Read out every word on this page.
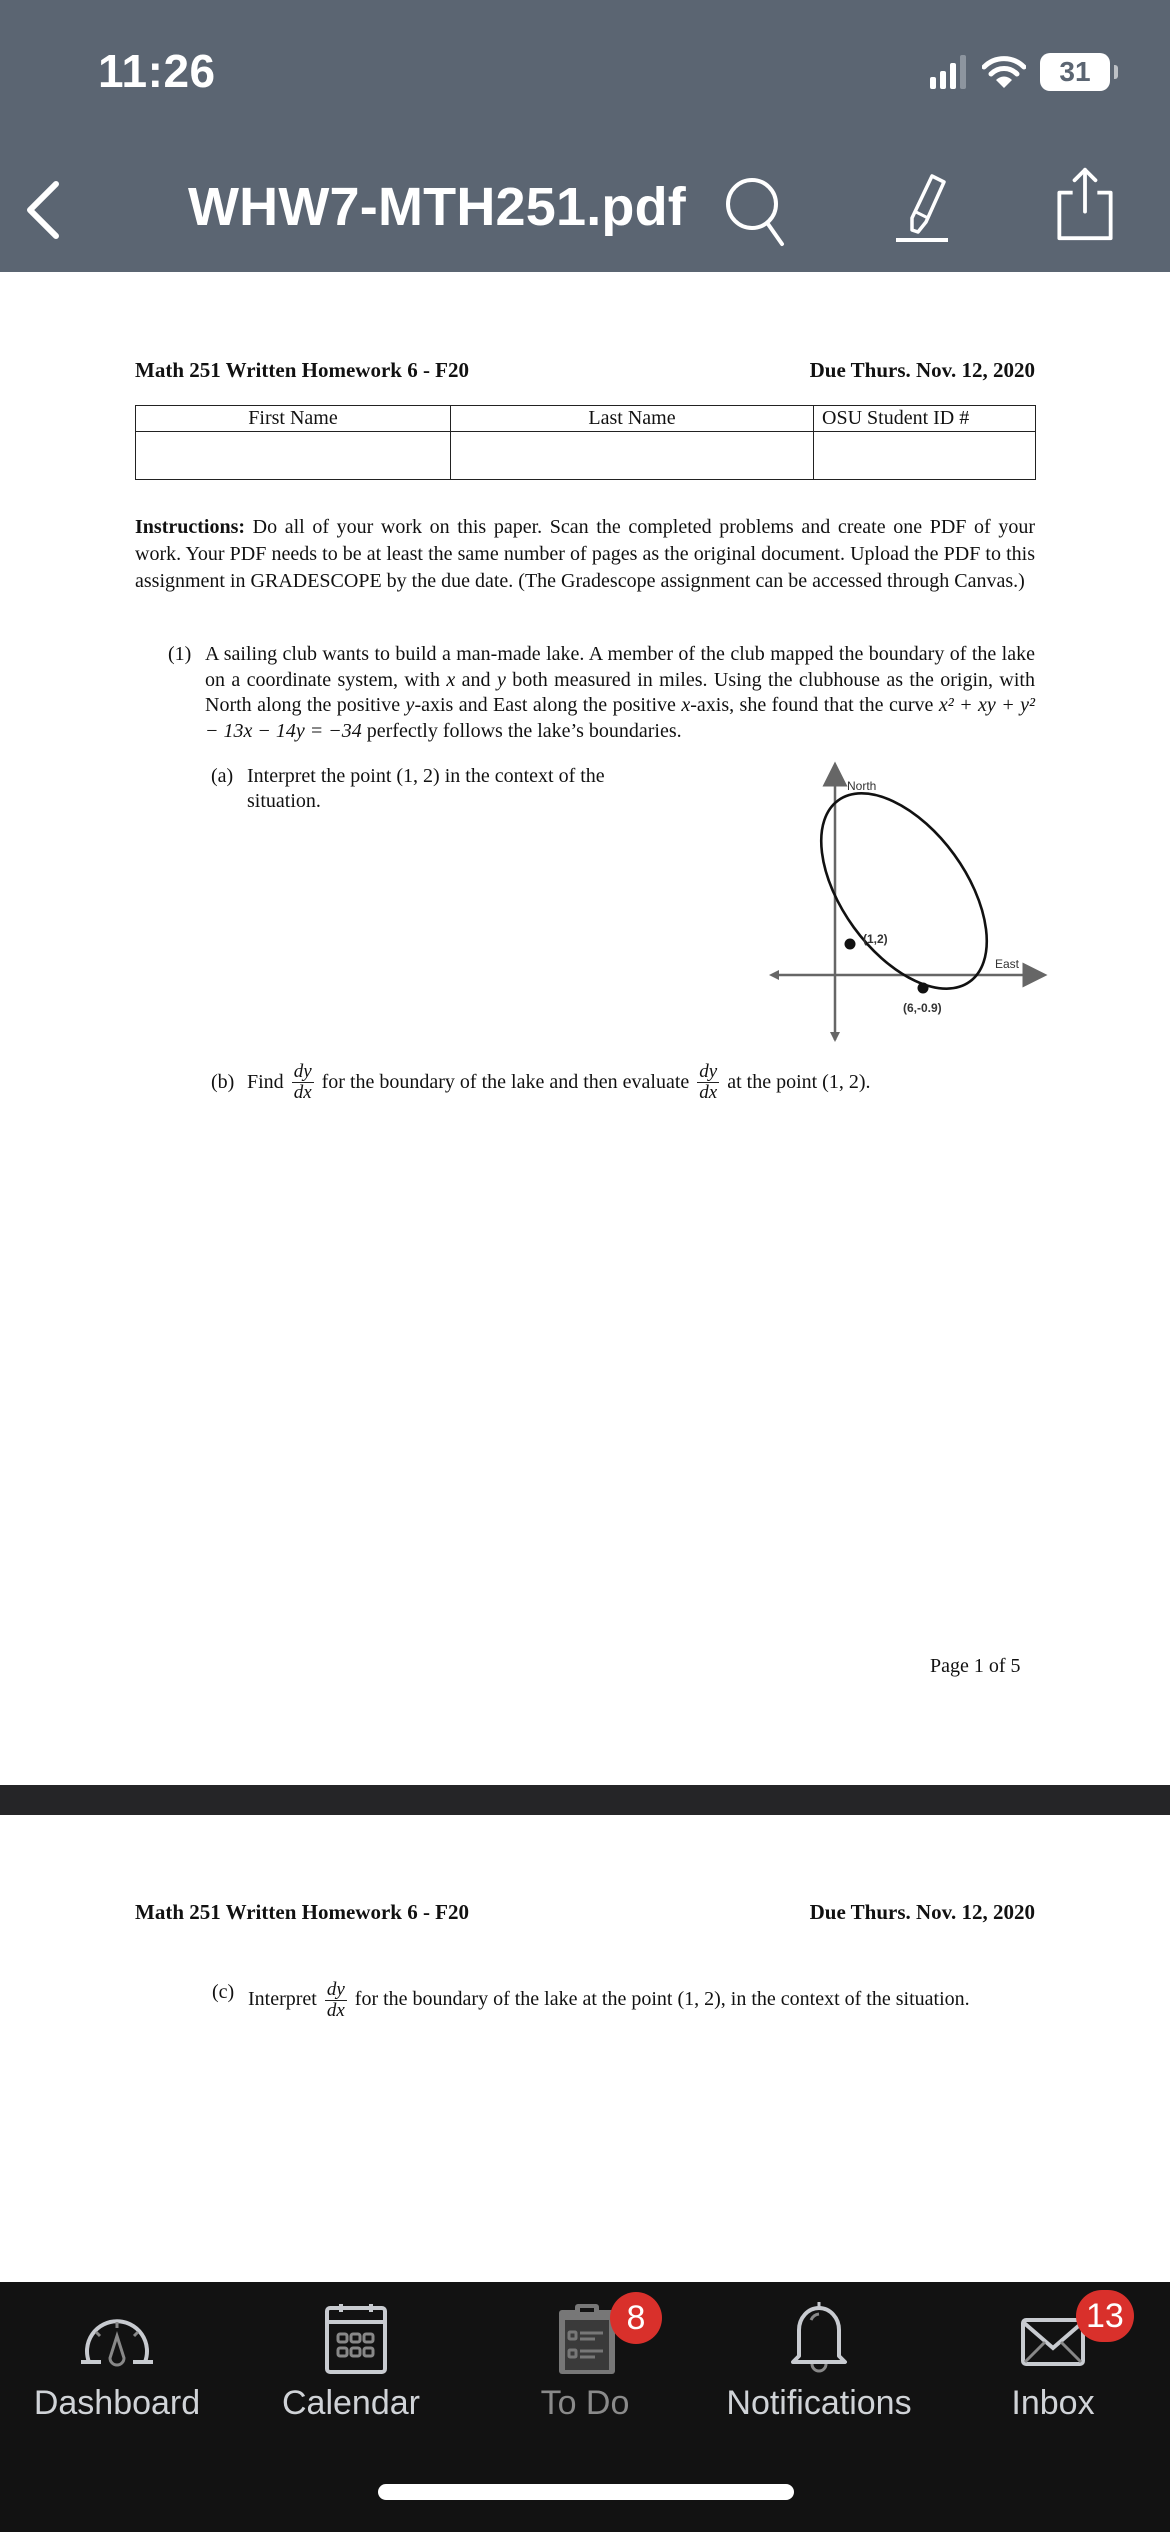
11:26	31
WHW7-MTH251.pdf
Math 251 Written Homework 6 - F20	Due Thurs. Nov. 12, 2020
First Name	Last Name	OSU Student ID #

Instructions: Do all of your work on this paper. Scan the completed problems and create one PDF of your work. Your PDF needs to be at least the same number of pages as the original document. Upload the PDF to this assignment in GRADESCOPE by the due date. (The Gradescope assignment can be accessed through Canvas.)
(1) A sailing club wants to build a man-made lake. A member of the club mapped the boundary of the lake on a coordinate system, with x and y both measured in miles. Using the clubhouse as the origin, with North along the positive y-axis and East along the positive x-axis, she found that the curve x² + xy + y² − 13x − 14y = −34 perfectly follows the lake’s boundaries.
(a) Interpret the point (1, 2) in the context of the situation.
North
East
(1,2)
(6,-0.9)
(b) Find $\frac{dy}{dx}$ for the boundary of the lake and then evaluate $\frac{dy}{dx}$ at the point (1, 2).
Page 1 of 5
Math 251 Written Homework 6 - F20	Due Thurs. Nov. 12, 2020
(c) Interpret $\frac{dy}{dx}$ for the boundary of the lake at the point (1, 2), in the context of the situation.
Dashboard	Calendar
8
To Do	Notifications
13
Inbox
